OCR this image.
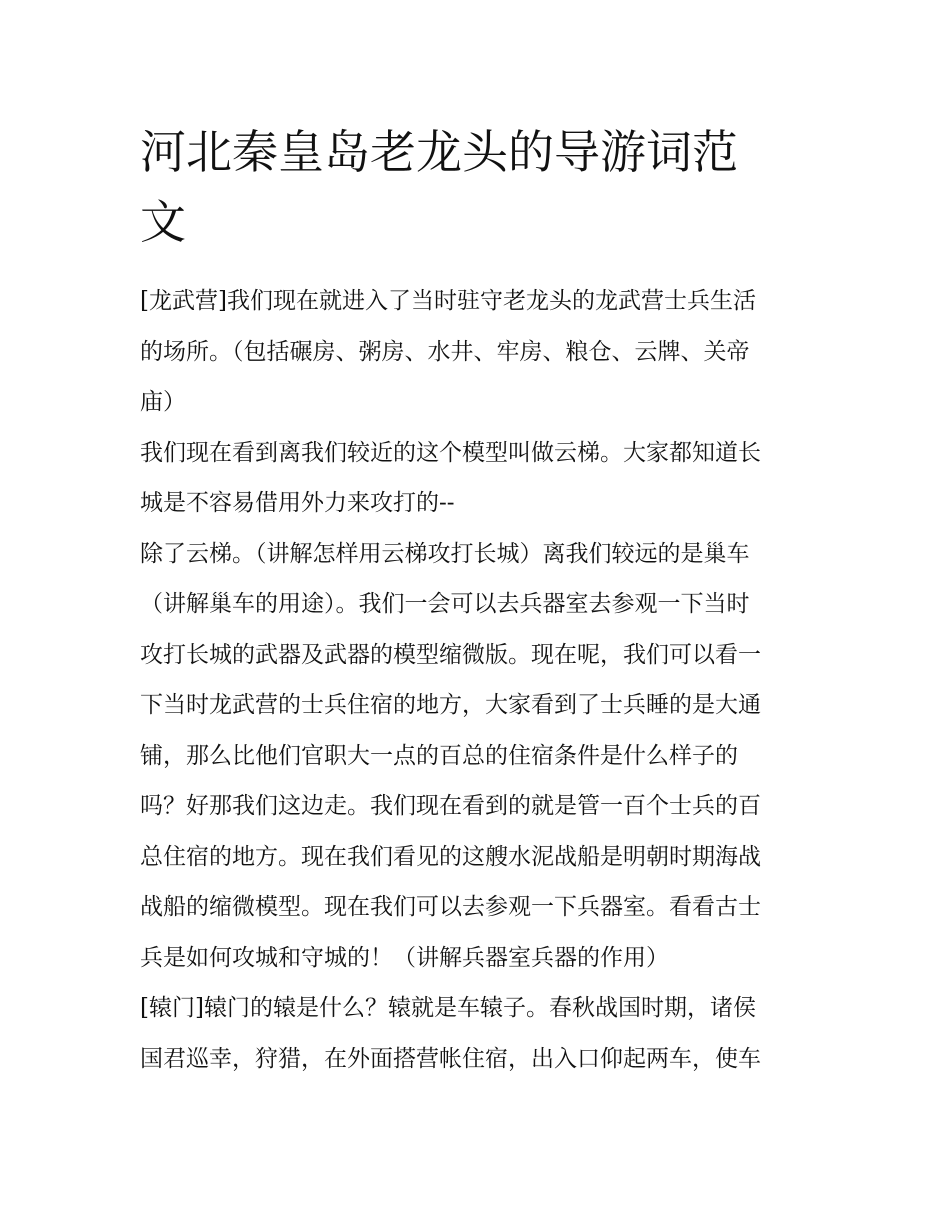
河北秦皇岛老龙头的导游词范
文

[龙武营]我们现在就进入了当时驻守老龙头的龙武营士兵生活
的场所。（包括碾房、粥房、水井、牢房、粮仓、云牌、关帝
庙）

我们现在看到离我们较近的这个模型叫做云梯。大家都知道长
城是不容易借用外力来攻打的--

除了云梯。（讲解怎样用云梯攻打长城）离我们较远的是巢车
（讲解巢车的用途）。我们一会可以去兵器室去参观一下当时
攻打长城的武器及武器的模型缩微版。现在呢，我们可以看一
下当时龙武营的士兵住宿的地方，大家看到了士兵睡的是大通
铺，那么比他们官职大一点的百总的住宿条件是什么样子的
吗？好那我们这边走。我们现在看到的就是管一百个士兵的百
总住宿的地方。现在我们看见的这艘水泥战船是明朝时期海战
战船的缩微模型。现在我们可以去参观一下兵器室。看看古士
兵是如何攻城和守城的！（讲解兵器室兵器的作用）

[辕门]辕门的辕是什么？辕就是车辕子。春秋战国时期，诸侯
国君巡幸，狩猎，在外面搭营帐住宿，出入口仰起两车，使车
